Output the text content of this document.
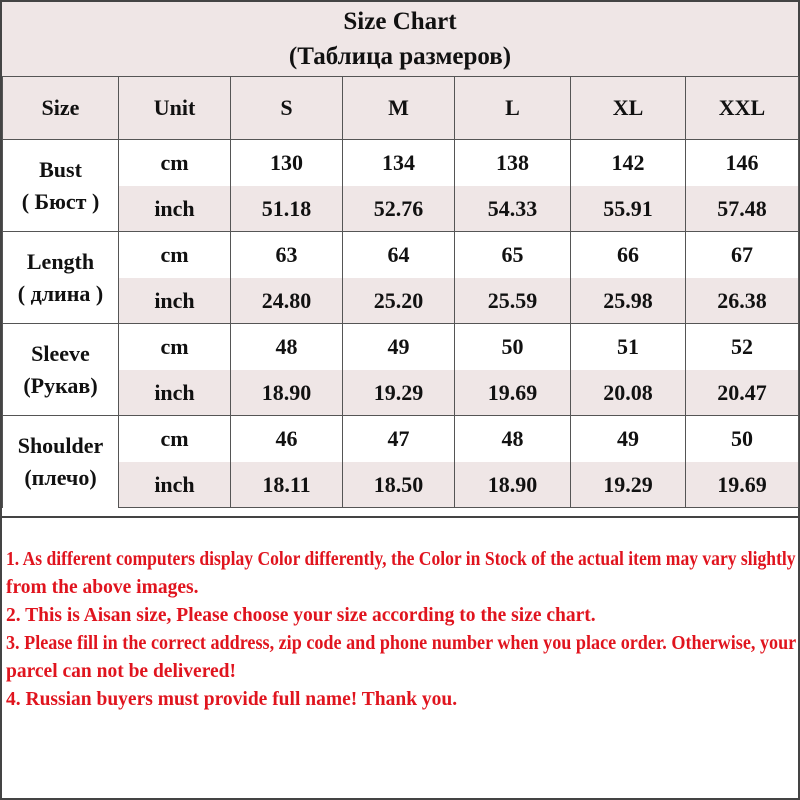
Size Chart
(Таблица размеров)
Size	Unit	S	M	L	XL	XXL

Bust
( Бюст )	cm	130	134	138	142	146
	inch	51.18	52.76	54.33	55.91	57.48

Length
( длина )	cm	63	64	65	66	67
	inch	24.80	25.20	25.59	25.98	26.38

Sleeve
(Рукав)	cm	48	49	50	51	52
	inch	18.90	19.29	19.69	20.08	20.47

Shoulder
(плечо)	cm	46	47	48	49	50
	inch	18.11	18.50	18.90	19.29	19.69
1. As different computers display Color differently, the Color in Stock of the actual item may vary slightly
from the above images.
2. This is Aisan size, Please choose your size according to the size chart.
3. Please fill in the correct address, zip code and phone number when you place order. Otherwise, your
parcel can not be delivered!
4. Russian buyers must provide full name! Thank you.
